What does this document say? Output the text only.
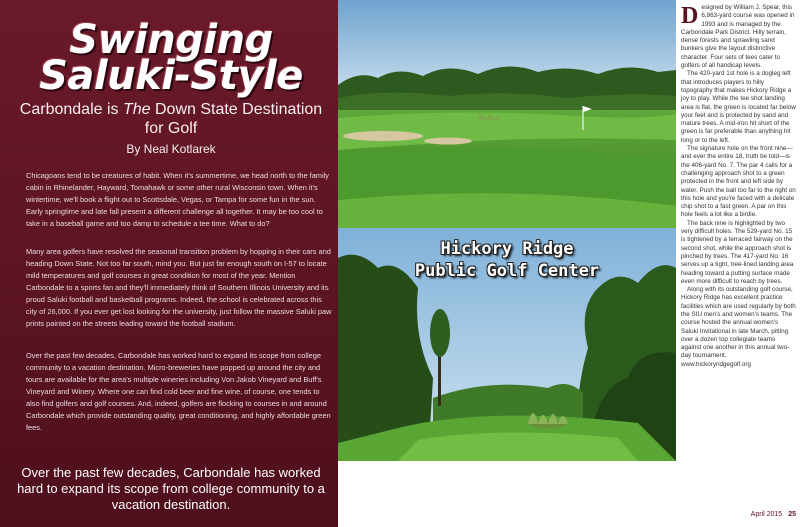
Swinging
Saluki-Style
Carbondale is The Down State Destination for Golf
By Neal Kotlarek

Chicagoans tend to be creatures of habit. When it's summertime, we head north to the family cabin in Rhinelander, Hayward, Tomahawk or some other rural Wisconsin town. When it's wintertime, we'll book a flight out to Scottsdale, Vegas, or Tampa for some fun in the sun. Early springtime and late fall present a different challenge all together. It may be too cool to take in a baseball game and too damp to schedule a tee time. What to do?

Many area golfers have resolved the seasonal transition problem by hopping in their cars and heading Down State. Not too far south, mind you. But just far enough south on I-57 to locate mild temperatures and golf courses in great condition for most of the year. Mention Carbondale to a sports fan and they'll immediately think of Southern Illinois University and its proud Saluki football and basketball programs. Indeed, the school is celebrated across this city of 26,000. If you ever get lost looking for the university, just follow the massive Saluki paw prints painted on the streets leading toward the football stadium.

Over the past few decades, Carbondale has worked hard to expand its scope from college community to a vacation destination. Micro-breweries have popped up around the city and tours are available for the area's multiple wineries including Von Jakob Vineyard and Buff's Vineyard and Winery. Where one can find cold beer and fine wine, of course, one tends to also find golfers and golf courses. And, indeed, golfers are flocking to courses in and around Carbondale which provide outstanding quality, great conditioning, and highly affordable green fees.

Over the past few decades, Carbondale has worked hard to expand its scope from college community to a vacation destination.
Hickory Ridge
Public Golf Center

Designed by William J. Spear, this 6,863-yard course was opened in 1993 and is managed by the Carbondale Park District. Hilly terrain, dense forests and sprawling sand bunkers give the layout distinctive character. Four sets of tees cater to golfers of all handicap levels.

The 420-yard 1st hole is a dogleg left that introduces players to hilly topography that makes Hickory Ridge a joy to play. While the tee shot landing area is flat, the green is located far below your feet and is protected by sand and mature trees. A mid-iron hit short of the green is far preferable than anything hit long or to the left.

The signature hole on the front nine—and ever the entire 18, truth be told—is the 406-yard No. 7. The par 4 calls for a challenging approach shot to a green protected in the front and left side by water. Push the ball too far to the right on this hole and you're faced with a delicate chip shot to a fast green. A par on this hole feels a lot like a birdie.

The back nine is highlighted by two very difficult holes. The 529-yard No. 15 is tightened by a terraced fairway on the second shot, while the approach shot is pinched by trees. The 417-yard No. 16 serves up a tight, tree-lined landing area heading toward a putting surface made even more difficult to reach by trees.

Along with its outstanding golf course, Hickory Ridge has excellent practice facilities which are used regularly by both the SIU men's and women's teams. The course hosted the annual women's Saluki Invitational in late March, pitting over a dozen top collegiate teams against one another in this annual two-day tournament. www.hickoryridgegolf.org

April 2015 25
